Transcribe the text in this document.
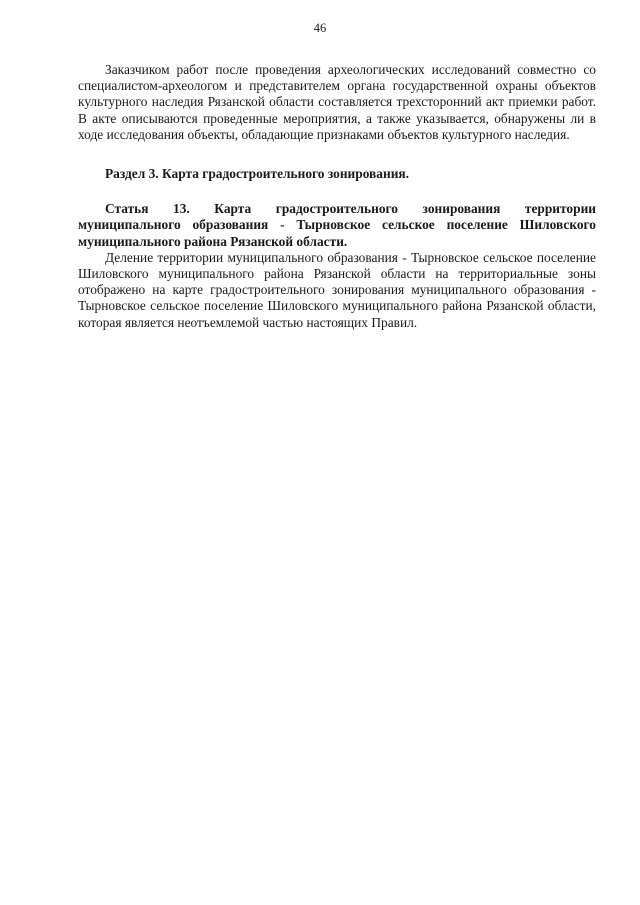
46

Заказчиком работ после проведения археологических исследований совместно со специалистом-археологом и представителем органа государственной охраны объектов культурного наследия Рязанской области составляется трехсторонний акт приемки работ. В акте описываются проведенные мероприятия, а также указывается, обнаружены ли в ходе исследования объекты, обладающие признаками объектов культурного наследия.

Раздел 3. Карта градостроительного зонирования.

Статья 13. Карта градостроительного зонирования территории муниципального образования - Тырновское сельское поселение Шиловского муниципального района Рязанской области.

Деление территории муниципального образования - Тырновское сельское поселение Шиловского муниципального района Рязанской области на территориальные зоны отображено на карте градостроительного зонирования муниципального образования - Тырновское сельское поселение Шиловского муниципального района Рязанской области, которая является неотъемлемой частью настоящих Правил.
